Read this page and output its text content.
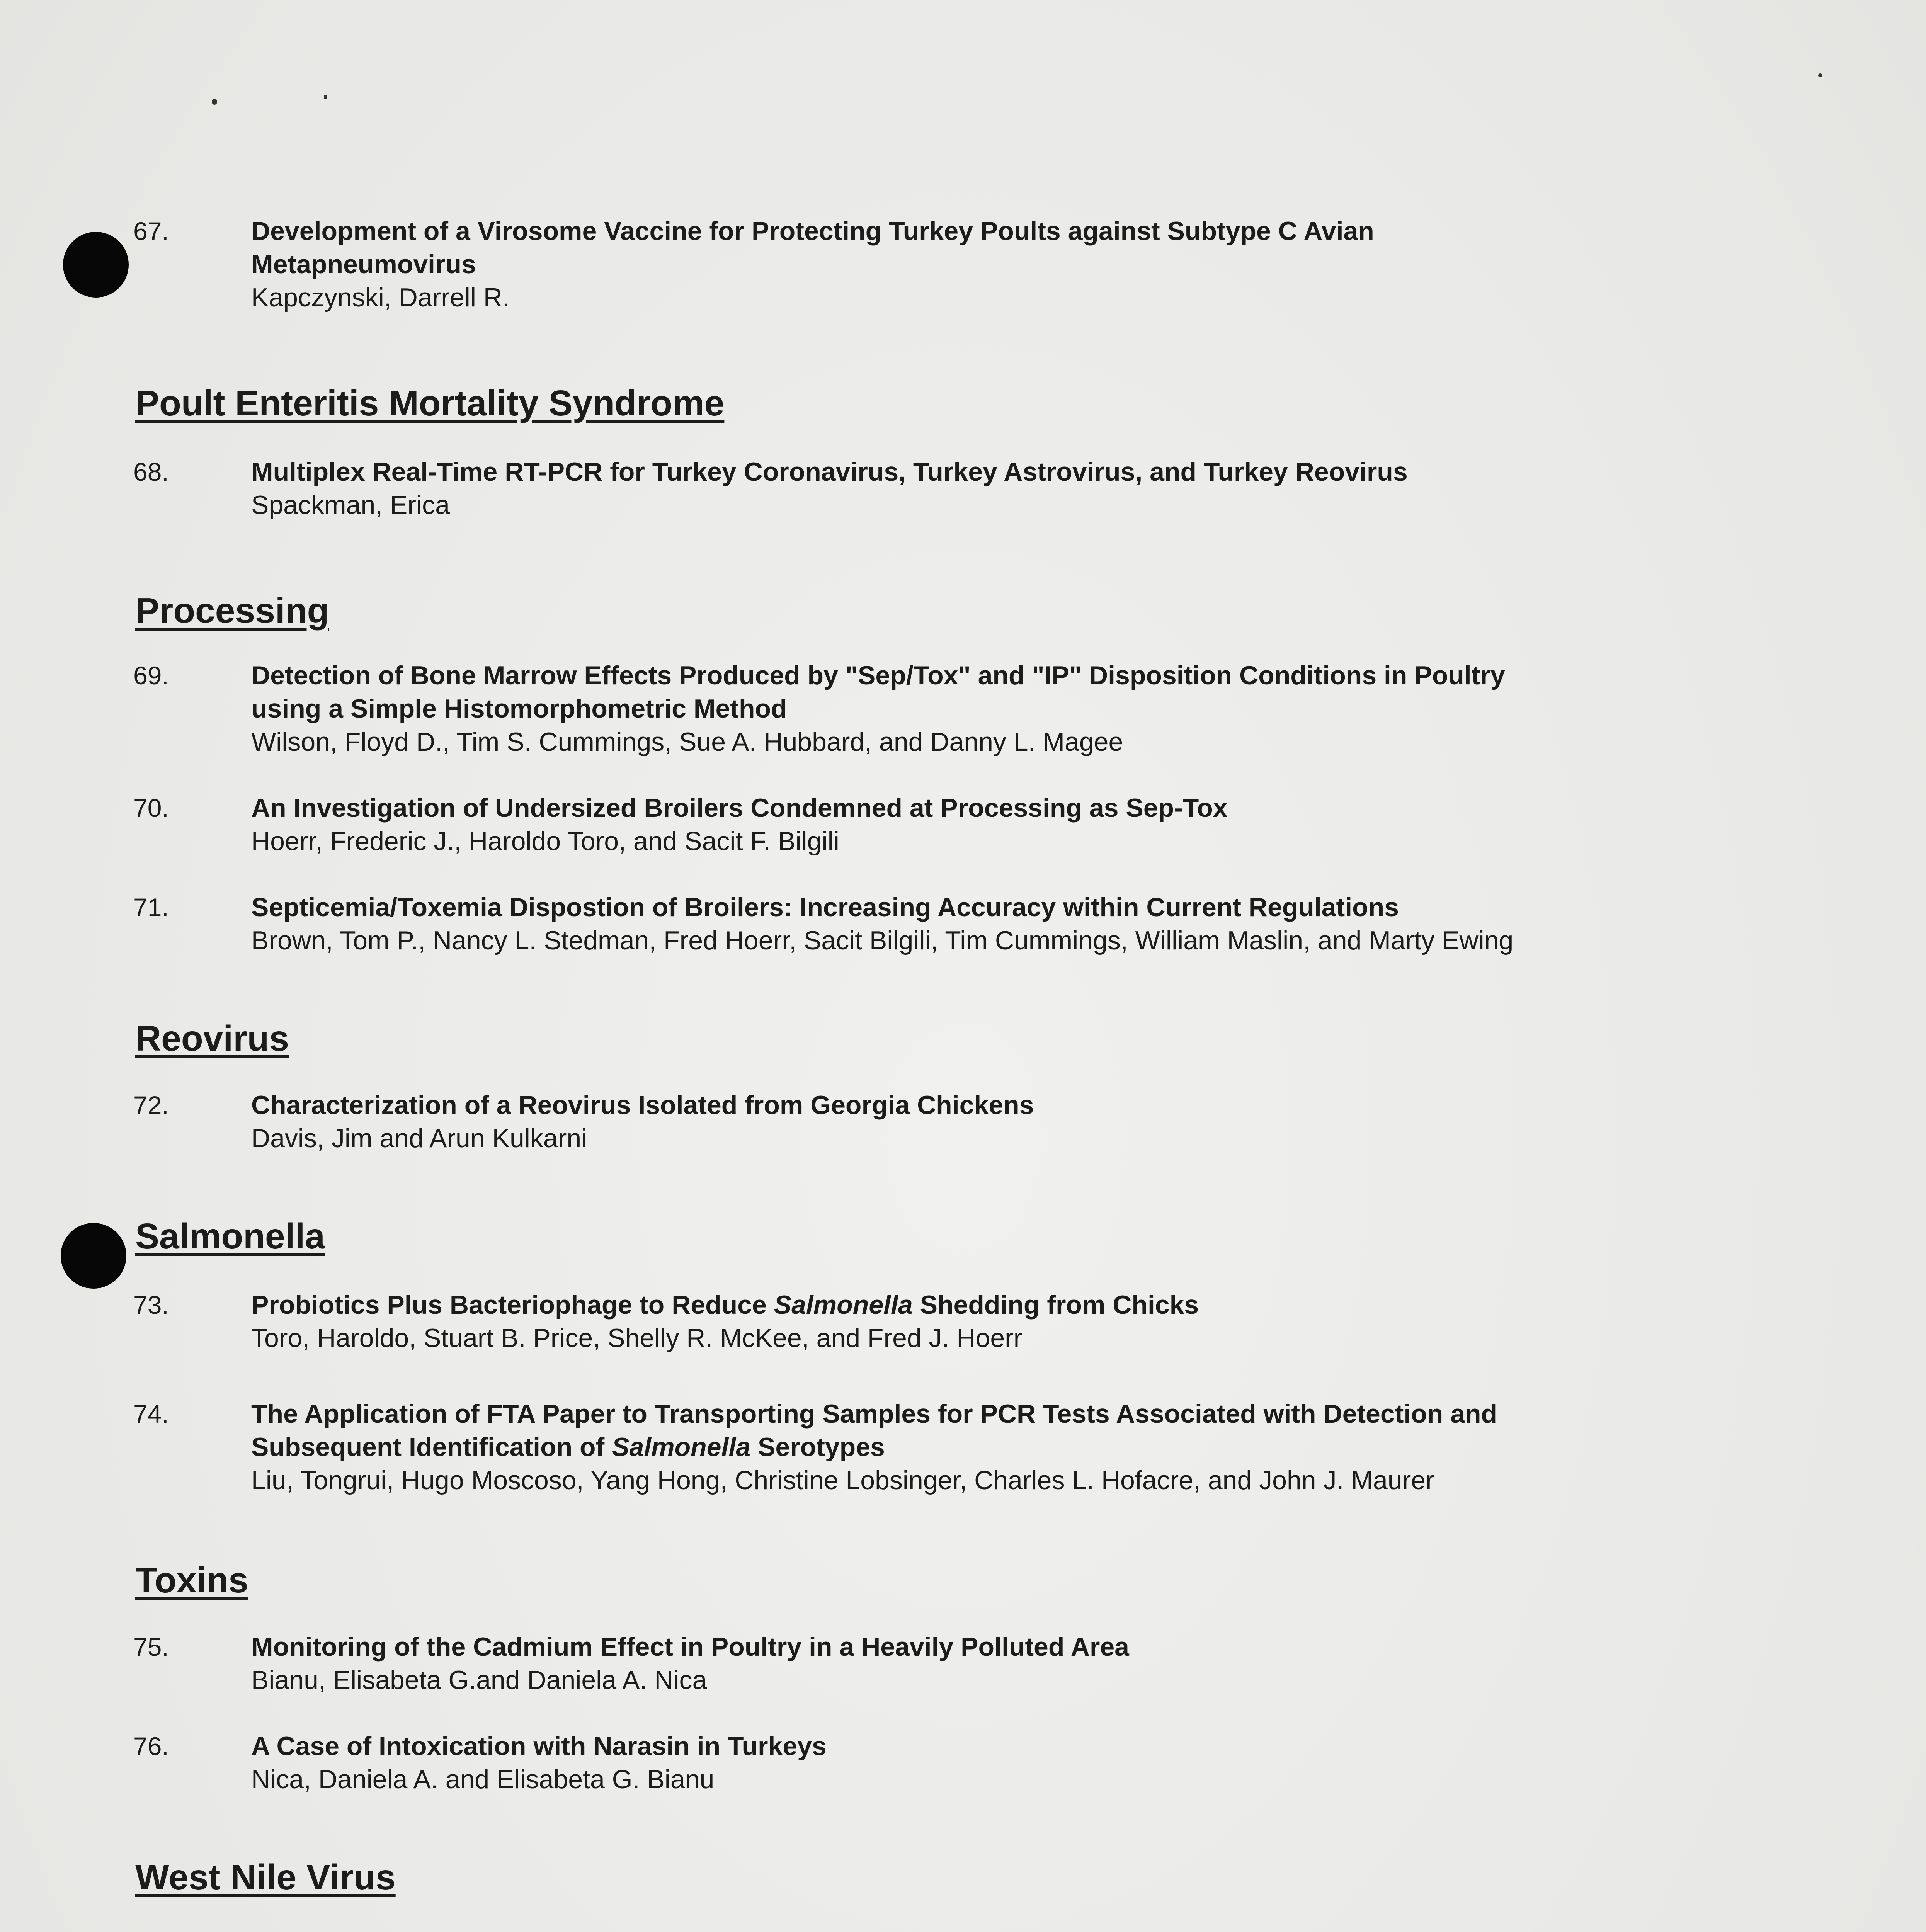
67.	Development of a Virosome Vaccine for Protecting Turkey Poults against Subtype C Avian
Metapneumovirus

Kapczynski, Darrell R.

Poult Enteritis Mortality Syndrome
68.	Multiplex Real-Time RT-PCR for Turkey Coronavirus, Turkey Astrovirus, and Turkey Reovirus

Spackman, Erica

Processing
69.	Detection of Bone Marrow Effects Produced by "Sep/Tox" and "IP" Disposition Conditions in Poultry
using a Simple Histomorphometric Method

Wilson, Floyd D., Tim S. Cummings, Sue A. Hubbard, and Danny L. Magee

70.	An Investigation of Undersized Broilers Condemned at Processing as Sep-Tox

Hoerr, Frederic J., Haroldo Toro, and Sacit F. Bilgili

71.	Septicemia/Toxemia Dispostion of Broilers: Increasing Accuracy within Current Regulations

Brown, Tom P., Nancy L. Stedman, Fred Hoerr, Sacit Bilgili, Tim Cummings, William Maslin, and Marty Ewing

Reovirus
72.	Characterization of a Reovirus Isolated from Georgia Chickens

Davis, Jim and Arun Kulkarni

Salmonella
73.	Probiotics Plus Bacteriophage to Reduce Salmonella Shedding from Chicks

Toro, Haroldo, Stuart B. Price, Shelly R. McKee, and Fred J. Hoerr

74.	The Application of FTA Paper to Transporting Samples for PCR Tests Associated with Detection and
Subsequent Identification of Salmonella Serotypes

Liu, Tongrui, Hugo Moscoso, Yang Hong, Christine Lobsinger, Charles L. Hofacre, and John J. Maurer

Toxins
75.	Monitoring of the Cadmium Effect in Poultry in a Heavily Polluted Area

Bianu, Elisabeta G.and Daniela A. Nica

76.	A Case of Intoxication with Narasin in Turkeys

Nica, Daniela A. and Elisabeta G. Bianu

West Nile Virus
